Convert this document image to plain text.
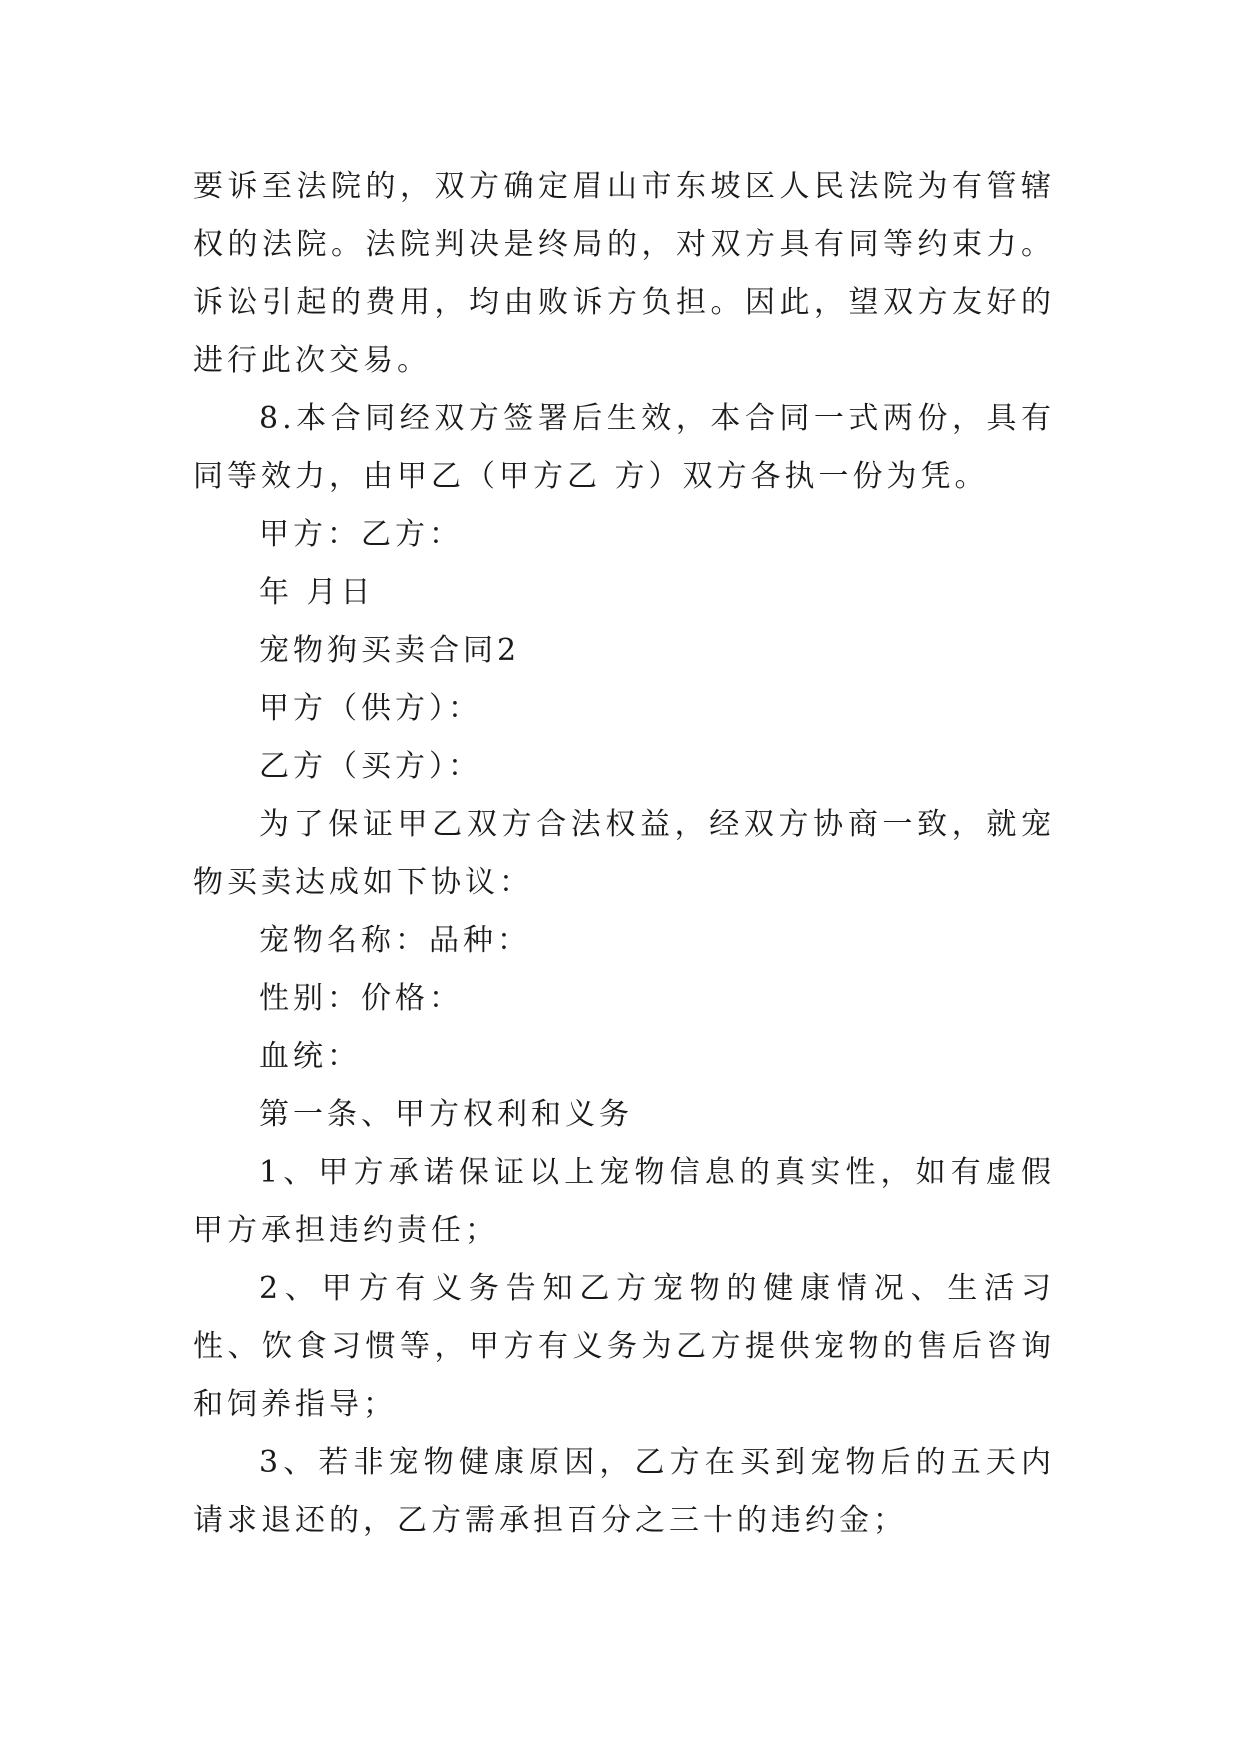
要诉至法院的，双方确定眉山市东坡区人民法院为有管辖权的法院。法院判决是终局的，对双方具有同等约束力。诉讼引起的费用，均由败诉方负担。因此，望双方友好的进行此次交易。

8.本合同经双方签署后生效，本合同一式两份，具有同等效力，由甲乙（甲方乙 方）双方各执一份为凭。

甲方：乙方：

年 月日

宠物狗买卖合同2

甲方（供方）：

乙方（买方）：

为了保证甲乙双方合法权益，经双方协商一致，就宠物买卖达成如下协议：

宠物名称：品种：

性别：价格：

血统：

第一条、甲方权利和义务

1、甲方承诺保证以上宠物信息的真实性，如有虚假甲方承担违约责任；

2、甲方有义务告知乙方宠物的健康情况、生活习性、饮食习惯等，甲方有义务为乙方提供宠物的售后咨询和饲养指导；

3、若非宠物健康原因，乙方在买到宠物后的五天内请求退还的，乙方需承担百分之三十的违约金；
